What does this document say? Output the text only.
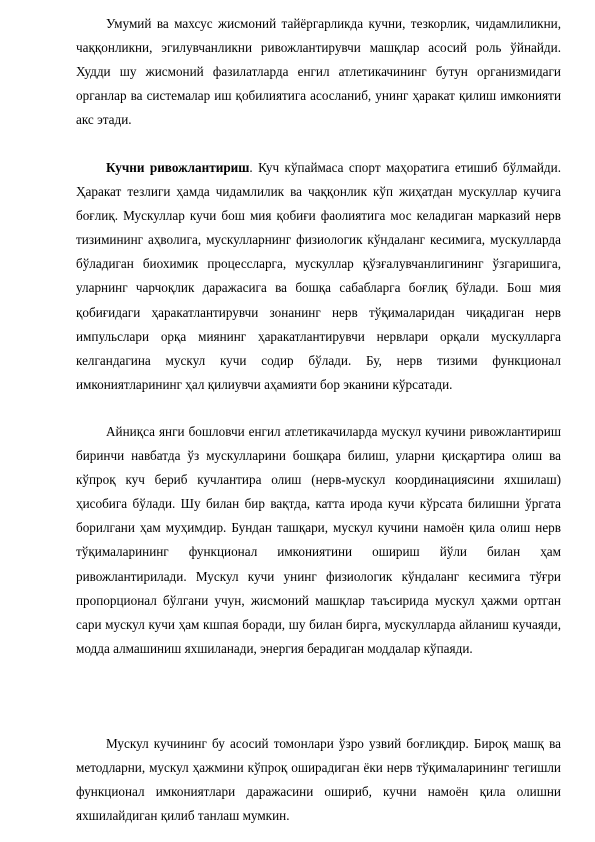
Умумий ва махсус жисмоний тайёргарликда кучни, тезкорлик, чидамлиликни, чаққонликни, эгилувчанликни ривожлантирувчи машқлар асосий роль ўйнайди. Худди шу жисмоний фазилатларда енгил атлетикачининг бутун организмидаги органлар ва системалар иш қобилиятига асосланиб, унинг ҳаракат қилиш имконияти акс этади.

Кучни ривожлантириш. Куч кўпаймаса спорт маҳоратига етишиб бўлмайди. Ҳаракат тезлиги ҳамда чидамлилик ва чаққонлик кўп жиҳатдан мускуллар кучига боғлиқ. Мускуллар кучи бош мия қобиғи фаолиятига мос келадиган марказий нерв тизимининг аҳволига, мускулларнинг физиологик кўндаланг кесимига, мускулларда бўладиган биохимик процессларга, мускуллар қўзғалувчанлигининг ўзгаришига, уларнинг чарчоқлик даражасига ва бошқа сабабларга боғлиқ бўлади. Бош мия қобиғидаги ҳаракатлантирувчи зонанинг нерв тўқималаридан чиқадиган нерв импульслари орқа миянинг ҳаракатлантирувчи нервлари орқали мускулларга келгандагина мускул кучи содир бўлади. Бу, нерв тизими функционал имкониятларининг ҳал қилиувчи аҳамияти бор эканини кўрсатади.

Айниқса янги бошловчи енгил атлетикачиларда мускул кучини ривожлантириш биринчи навбатда ўз мускулларини бошқара билиш, уларни қисқартира олиш ва кўпроқ куч бериб кучлантира олиш (нерв-мускул координациясини яхшилаш) ҳисобига бўлади. Шу билан бир вақтда, катта ирода кучи кўрсата билишни ўргата борилгани ҳам муҳимдир. Бундан ташқари, мускул кучини намоён қила олиш нерв тўқималарининг функционал имкониятини ошириш йўли билан ҳам ривожлантирилади. Мускул кучи унинг физиологик кўндаланг кесимига тўғри пропорционал бўлгани учун, жисмоний машқлар таъсирида мускул ҳажми ортган сари мускул кучи ҳам кшпая боради, шу билан бирга, мускулларда айланиш кучаяди, модда алмашиниш яхшиланади, энергия берадиган моддалар кўпаяди.

Мускул кучининг бу асосий томонлари ўзро узвий боғлиқдир. Бироқ машқ ва методларни, мускул ҳажмини кўпроқ оширадиган ёки нерв тўқималарининг тегишли функционал имкониятлари даражасини ошириб, кучни намоён қила олишни яхшилайдиган қилиб танлаш мумкин.
